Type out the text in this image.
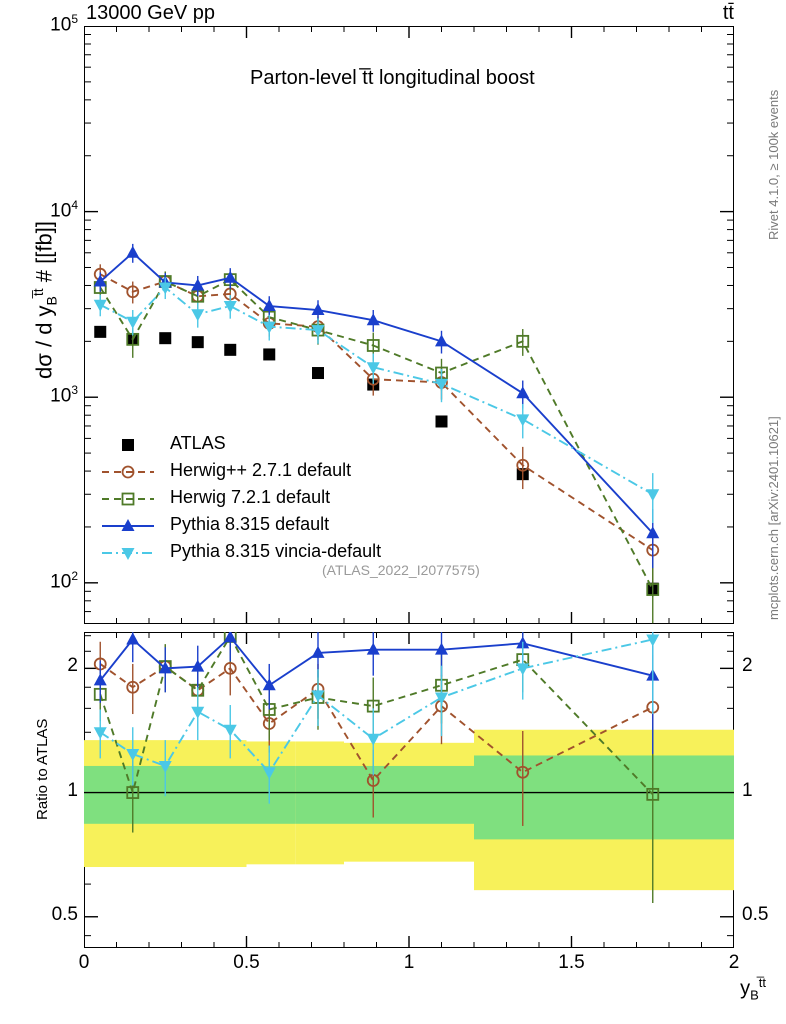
13000 GeV pp	tt̄
dσ / d $y_B^{t̅t}$ # [[fb]]
Ratio to ATLAS
$y_B^{t̅t}$
Parton-level t̅t longitudinal boost
(ATLAS_2022_I2077575)
Rivet 4.1.0, ≥ 100k events
mcplots.cern.ch [arXiv:2401.10621]
ATLAS
Herwig++ 2.7.1 default
Herwig 7.2.1 default
Pythia 8.315 default
Pythia 8.315 vincia-default
0	0.5	1	1.5	2
$10^2$
$10^3$
$10^4$
$10^5$
0.5	0.5
1	1
2	2
